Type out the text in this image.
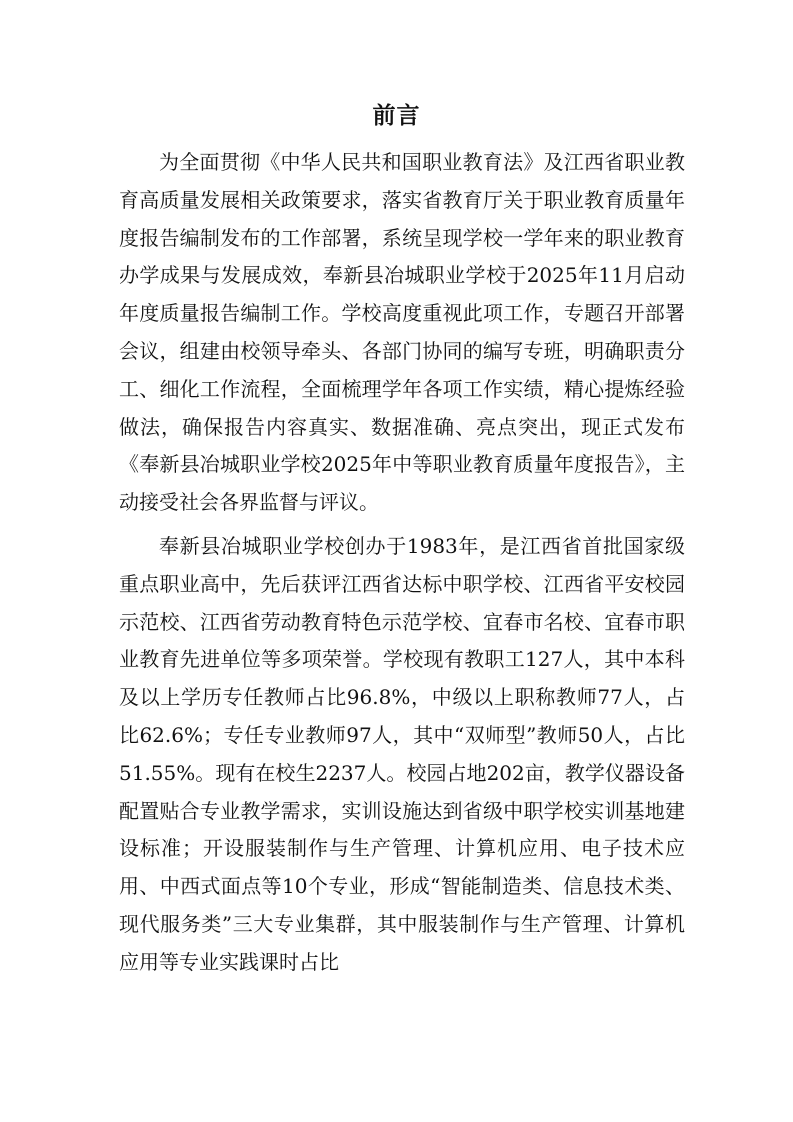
前言

为全面贯彻《中华人民共和国职业教育法》及江西省职业教育高质量发展相关政策要求，落实省教育厅关于职业教育质量年度报告编制发布的工作部署，系统呈现学校一学年来的职业教育办学成果与发展成效，奉新县冶城职业学校于2025年11月启动年度质量报告编制工作。学校高度重视此项工作，专题召开部署会议，组建由校领导牵头、各部门协同的编写专班，明确职责分工、细化工作流程，全面梳理学年各项工作实绩，精心提炼经验做法，确保报告内容真实、数据准确、亮点突出，现正式发布《奉新县冶城职业学校2025年中等职业教育质量年度报告》，主动接受社会各界监督与评议。

奉新县冶城职业学校创办于1983年，是江西省首批国家级重点职业高中，先后获评江西省达标中职学校、江西省平安校园示范校、江西省劳动教育特色示范学校、宜春市名校、宜春市职业教育先进单位等多项荣誉。学校现有教职工127人，其中本科及以上学历专任教师占比96.8%，中级以上职称教师77人，占比62.6%；专任专业教师97人，其中“双师型”教师50人，占比51.55%。现有在校生2237人。校园占地202亩，教学仪器设备配置贴合专业教学需求，实训设施达到省级中职学校实训基地建设标准；开设服装制作与生产管理、计算机应用、电子技术应用、中西式面点等10个专业，形成“智能制造类、信息技术类、现代服务类”三大专业集群，其中服装制作与生产管理、计算机应用等专业实践课时占比
